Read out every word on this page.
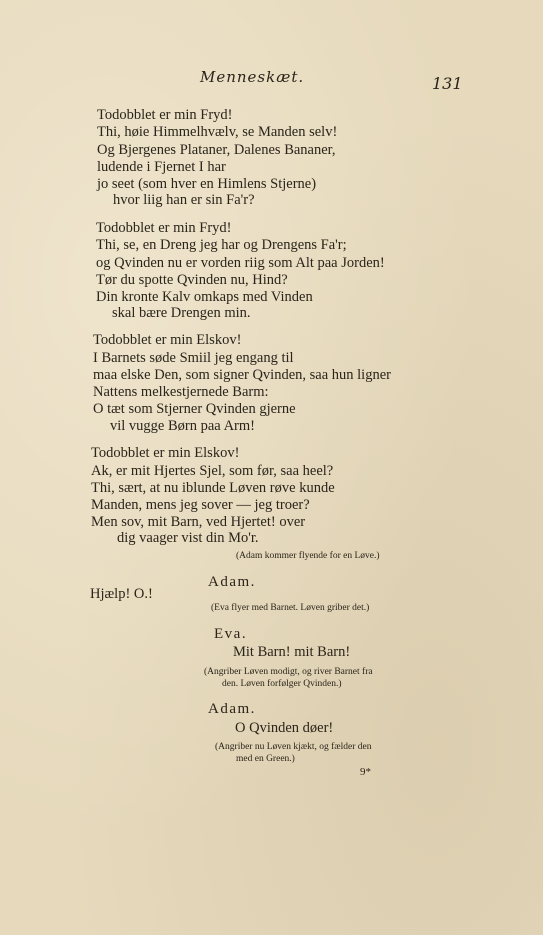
Menneskæt.	131
Todobblet er min Fryd!
Thi, høie Himmelhvælv, se Manden selv!
Og Bjergenes Plataner, Dalenes Bananer,
ludende i Fjernet I har
jo seet (som hver en Himlens Stjerne)
hvor liig han er sin Fa'r?
Todobblet er min Fryd!
Thi, se, en Dreng jeg har og Drengens Fa'r;
og Qvinden nu er vorden riig som Alt paa Jorden!
Tør du spotte Qvinden nu, Hind?
Din kronte Kalv omkaps med Vinden
skal bære Drengen min.
Todobblet er min Elskov!
I Barnets søde Smiil jeg engang til
maa elske Den, som signer Qvinden, saa hun ligner
Nattens melkestjernede Barm:
O tæt som Stjerner Qvinden gjerne
vil vugge Børn paa Arm!
Todobblet er min Elskov!
Ak, er mit Hjertes Sjel, som før, saa heel?
Thi, sært, at nu iblunde Løven røve kunde
Manden, mens jeg sover — jeg troer?
Men sov, mit Barn, ved Hjertet! over
dig vaager vist din Mo'r.
(Adam kommer flyende for en Løve.)
Adam.
Hjælp! O.!
(Eva flyer med Barnet. Løven griber det.)
Eva.
Mit Barn! mit Barn!
(Angriber Løven modigt, og river Barnet fra
den. Løven forfølger Qvinden.)
Adam.
O Qvinden døer!
(Angriber nu Løven kjækt, og fælder den
med en Green.)
9*
